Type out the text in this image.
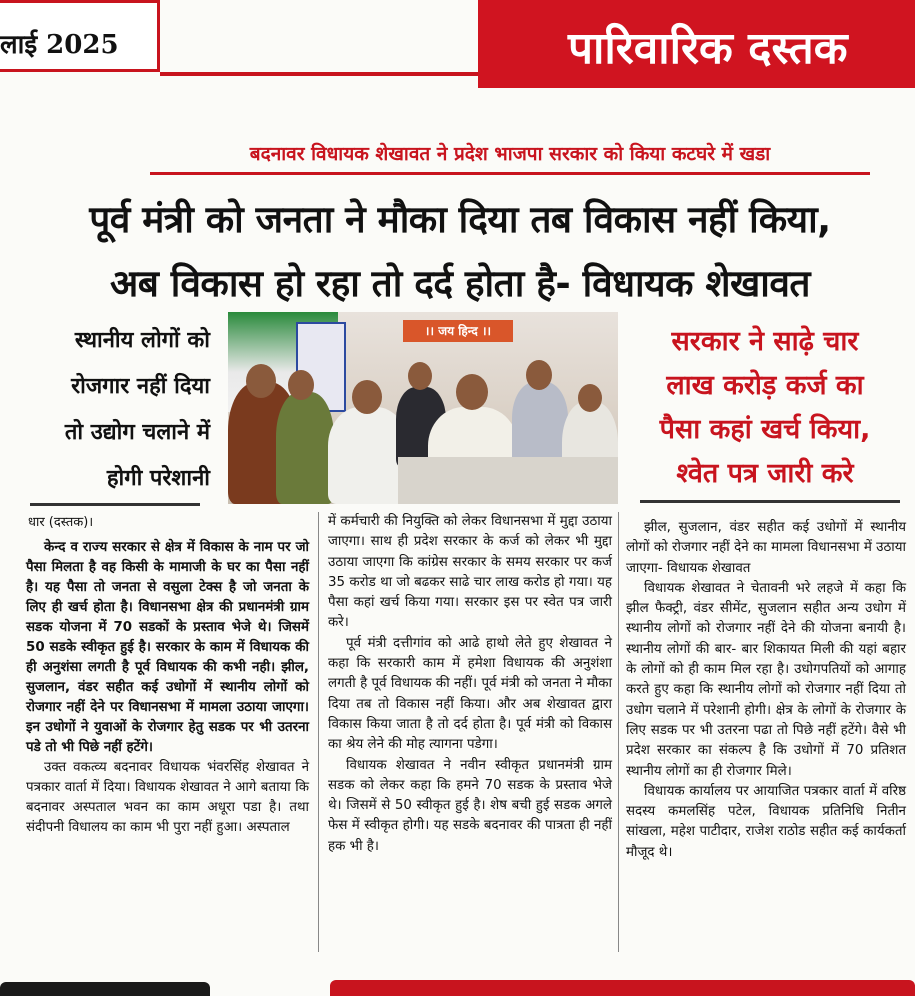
लाई 2025	पारिवारिक दस्तक
बदनावर विधायक शेखावत ने प्रदेश भाजपा सरकार को किया कटघरे में खडा
पूर्व मंत्री को जनता ने मौका दिया तब विकास नहीं किया,
अब विकास हो रहा तो दर्द होता है- विधायक शेखावत
स्थानीय लोगों को
रोजगार नहीं दिया
तो उद्योग चलाने में
होगी परेशानी
।। जय हिन्द ।।	सरकार ने साढ़े चार
लाख करोड़ कर्ज का
पैसा कहां खर्च किया,
श्वेत पत्र जारी करे
धार (दस्तक)।

केन्द व राज्य सरकार से क्षेत्र में विकास के नाम पर जो पैसा मिलता है वह किसी के मामाजी के घर का पैसा नहीं है। यह पैसा तो जनता से वसुला टेक्स है जो जनता के लिए ही खर्च होता है। विधानसभा क्षेत्र की प्रधानमंत्री ग्राम सडक योजना में 70 सडकों के प्रस्ताव भेजे थे। जिसमें 50 सडके स्वीकृत हुई है। सरकार के काम में विधायक की ही अनुशंसा लगती है पूर्व विधायक की कभी नही। झील, सुजलान, वंडर सहीत कई उधोगों में स्थानीय लोगों को रोजगार नहीं देने पर विधानसभा में मामला उठाया जाएगा। इन उधोगों ने युवाओं के रोजगार हेतु सडक पर भी उतरना पडे तो भी पिछे नहीं हटेंगे।

उक्त वकत्व्य बदनावर विधायक भंवरसिंह शेखावत ने पत्रकार वार्ता में दिया। विधायक शेखावत ने आगे बताया कि बदनावर अस्पताल भवन का काम अधूरा पडा है। तथा संदीपनी विधालय का काम भी पुरा नहीं हुआ। अस्पताल

में कर्मचारी की नियुक्ति को लेकर विधानसभा में मुद्दा उठाया जाएगा। साथ ही प्रदेश सरकार के कर्ज को लेकर भी मुद्दा उठाया जाएगा कि कांग्रेस सरकार के समय सरकार पर कर्ज 35 करोड था जो बढकर साढे चार लाख करोड हो गया। यह पैसा कहां खर्च किया गया। सरकार इस पर स्वेत पत्र जारी करे।

पूर्व मंत्री दत्तीगांव को आढे हाथो लेते हुए शेखावत ने कहा कि सरकारी काम में हमेशा विधायक की अनुशंशा लगती है पूर्व विधायक की नहीं। पूर्व मंत्री को जनता ने मौका दिया तब तो विकास नहीं किया। और अब शेखावत द्वारा विकास किया जाता है तो दर्द होता है। पूर्व मंत्री को विकास का श्रेय लेने की मोह त्यागना पडेगा।

विधायक शेखावत ने नवीन स्वीकृत प्रधानमंत्री ग्राम सडक को लेकर कहा कि हमने 70 सडक के प्रस्ताव भेजे थे। जिसमें से 50 स्वीकृत हुई है। शेष बची हुई सडक अगले फेस में स्वीकृत होगी। यह सडके बदनावर की पात्रता ही नहीं हक भी है।

झील, सुजलान, वंडर सहीत कई उधोगों में स्थानीय लोगों को रोजगार नहीं देने का मामला विधानसभा में उठाया जाएगा- विधायक शेखावत

विधायक शेखावत ने चेतावनी भरे लहजे में कहा कि झील फैक्ट्री, वंडर सीमेंट, सुजलान सहीत अन्य उधोग में स्थानीय लोगों को रोजगार नहीं देने की योजना बनायी है। स्थानीय लोगों की बार- बार शिकायत मिली की यहां बहार के लोगों को ही काम मिल रहा है। उधोगपतियों को आगाह करते हुए कहा कि स्थानीय लोगों को रोजगार नहीं दिया तो उधोग चलाने में परेशानी होगी। क्षेत्र के लोगों के रोजगार के लिए सडक पर भी उतरना पढा तो पिछे नहीं हटेंगे। वैसे भी प्रदेश सरकार का संकल्प है कि उधोगों में 70 प्रतिशत स्थानीय लोगों का ही रोजगार मिले।

विधायक कार्यालय पर आयाजित पत्रकार वार्ता में वरिष्ठ सदस्य कमलसिंह पटेल, विधायक प्रतिनिधि नितीन सांखला, महेश पाटीदार, राजेश राठोड सहीत कई कार्यकर्ता मौजूद थे।
